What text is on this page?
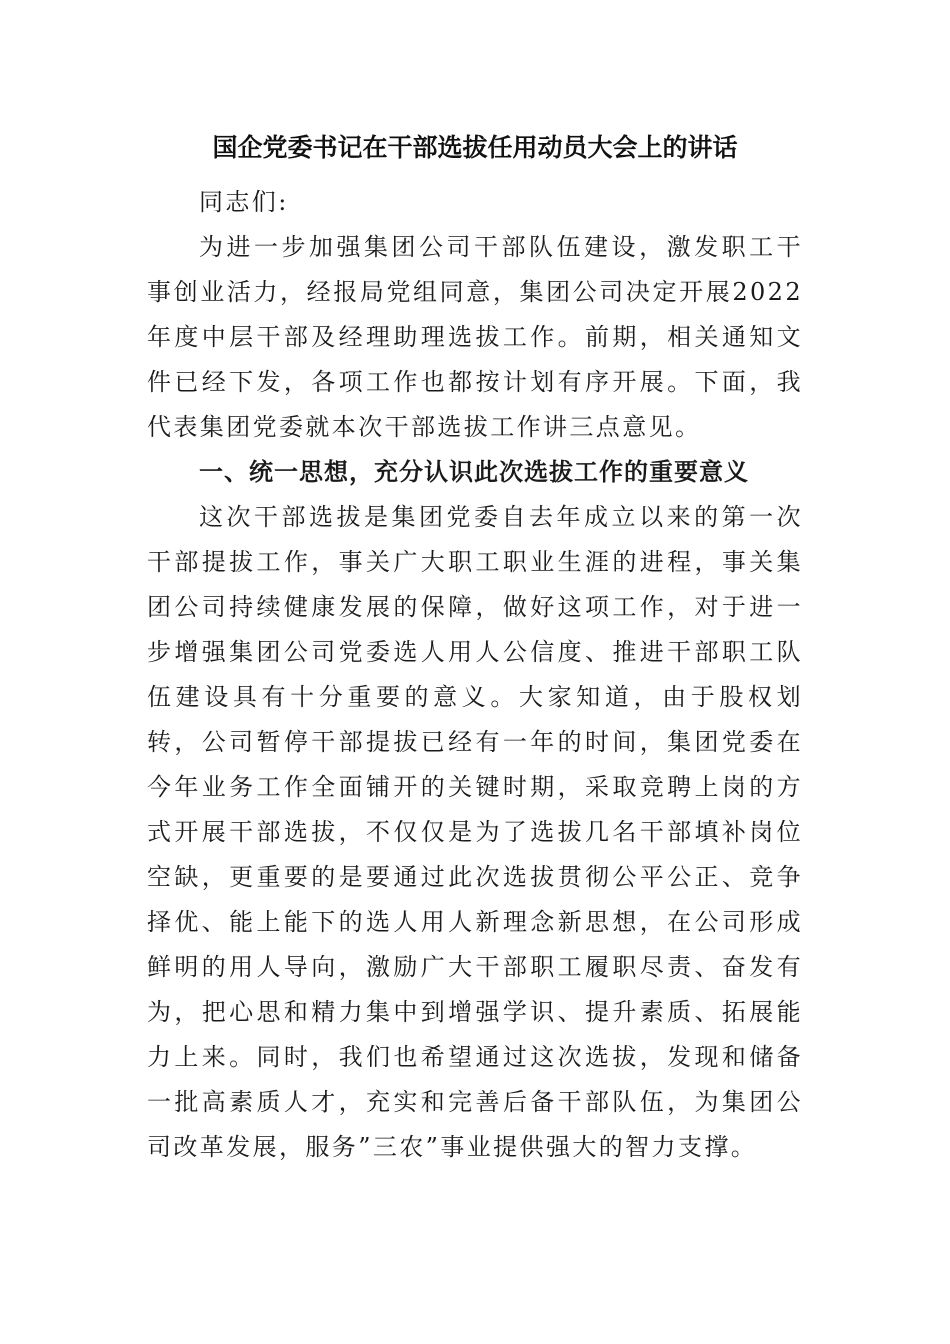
国企党委书记在干部选拔任用动员大会上的讲话

同志们:

为进一步加强集团公司干部队伍建设，激发职工干事创业活力，经报局党组同意，集团公司决定开展2022年度中层干部及经理助理选拔工作。前期，相关通知文件已经下发，各项工作也都按计划有序开展。下面，我代表集团党委就本次干部选拔工作讲三点意见。

一、统一思想，充分认识此次选拔工作的重要意义

这次干部选拔是集团党委自去年成立以来的第一次干部提拔工作，事关广大职工职业生涯的进程，事关集团公司持续健康发展的保障，做好这项工作，对于进一步增强集团公司党委选人用人公信度、推进干部职工队伍建设具有十分重要的意义。大家知道，由于股权划转，公司暂停干部提拔已经有一年的时间，集团党委在今年业务工作全面铺开的关键时期，采取竞聘上岗的方式开展干部选拔，不仅仅是为了选拔几名干部填补岗位空缺，更重要的是要通过此次选拔贯彻公平公正、竞争择优、能上能下的选人用人新理念新思想，在公司形成鲜明的用人导向，激励广大干部职工履职尽责、奋发有为，把心思和精力集中到增强学识、提升素质、拓展能力上来。同时，我们也希望通过这次选拔，发现和储备一批高素质人才，充实和完善后备干部队伍，为集团公司改革发展，服务”三农”事业提供强大的智力支撑。
